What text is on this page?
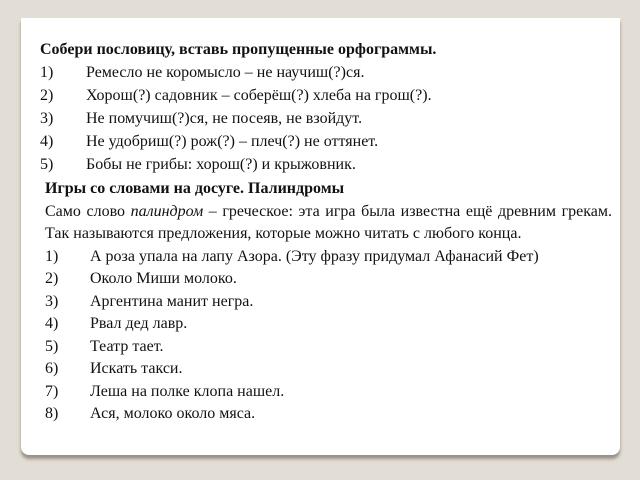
Собери пословицу, вставь пропущенные орфограммы.
1)	Ремесло не коромысло – не научиш(?)ся.
2)	Хорош(?) садовник – соберёш(?) хлеба на грош(?).
3)	Не помучиш(?)ся, не посеяв, не взойдут.
4)	Не удобриш(?) рож(?) – плеч(?) не оттянет.
5)	Бобы не грибы: хорош(?) и крыжовник.
Игры со словами на досуге. Палиндромы
Само слово палиндром – греческое: эта игра была известна ещё древним грекам. Так называются предложения, которые можно читать с любого конца.
1)	А роза упала на лапу Азора. (Эту фразу придумал Афанасий Фет)
2)	Около Миши молоко.
3)	Аргентина манит негра.
4)	Рвал дед лавр.
5)	Театр тает.
6)	Искать такси.
7)	Леша на полке клопа нашел.
8)	Ася, молоко около мяса.
